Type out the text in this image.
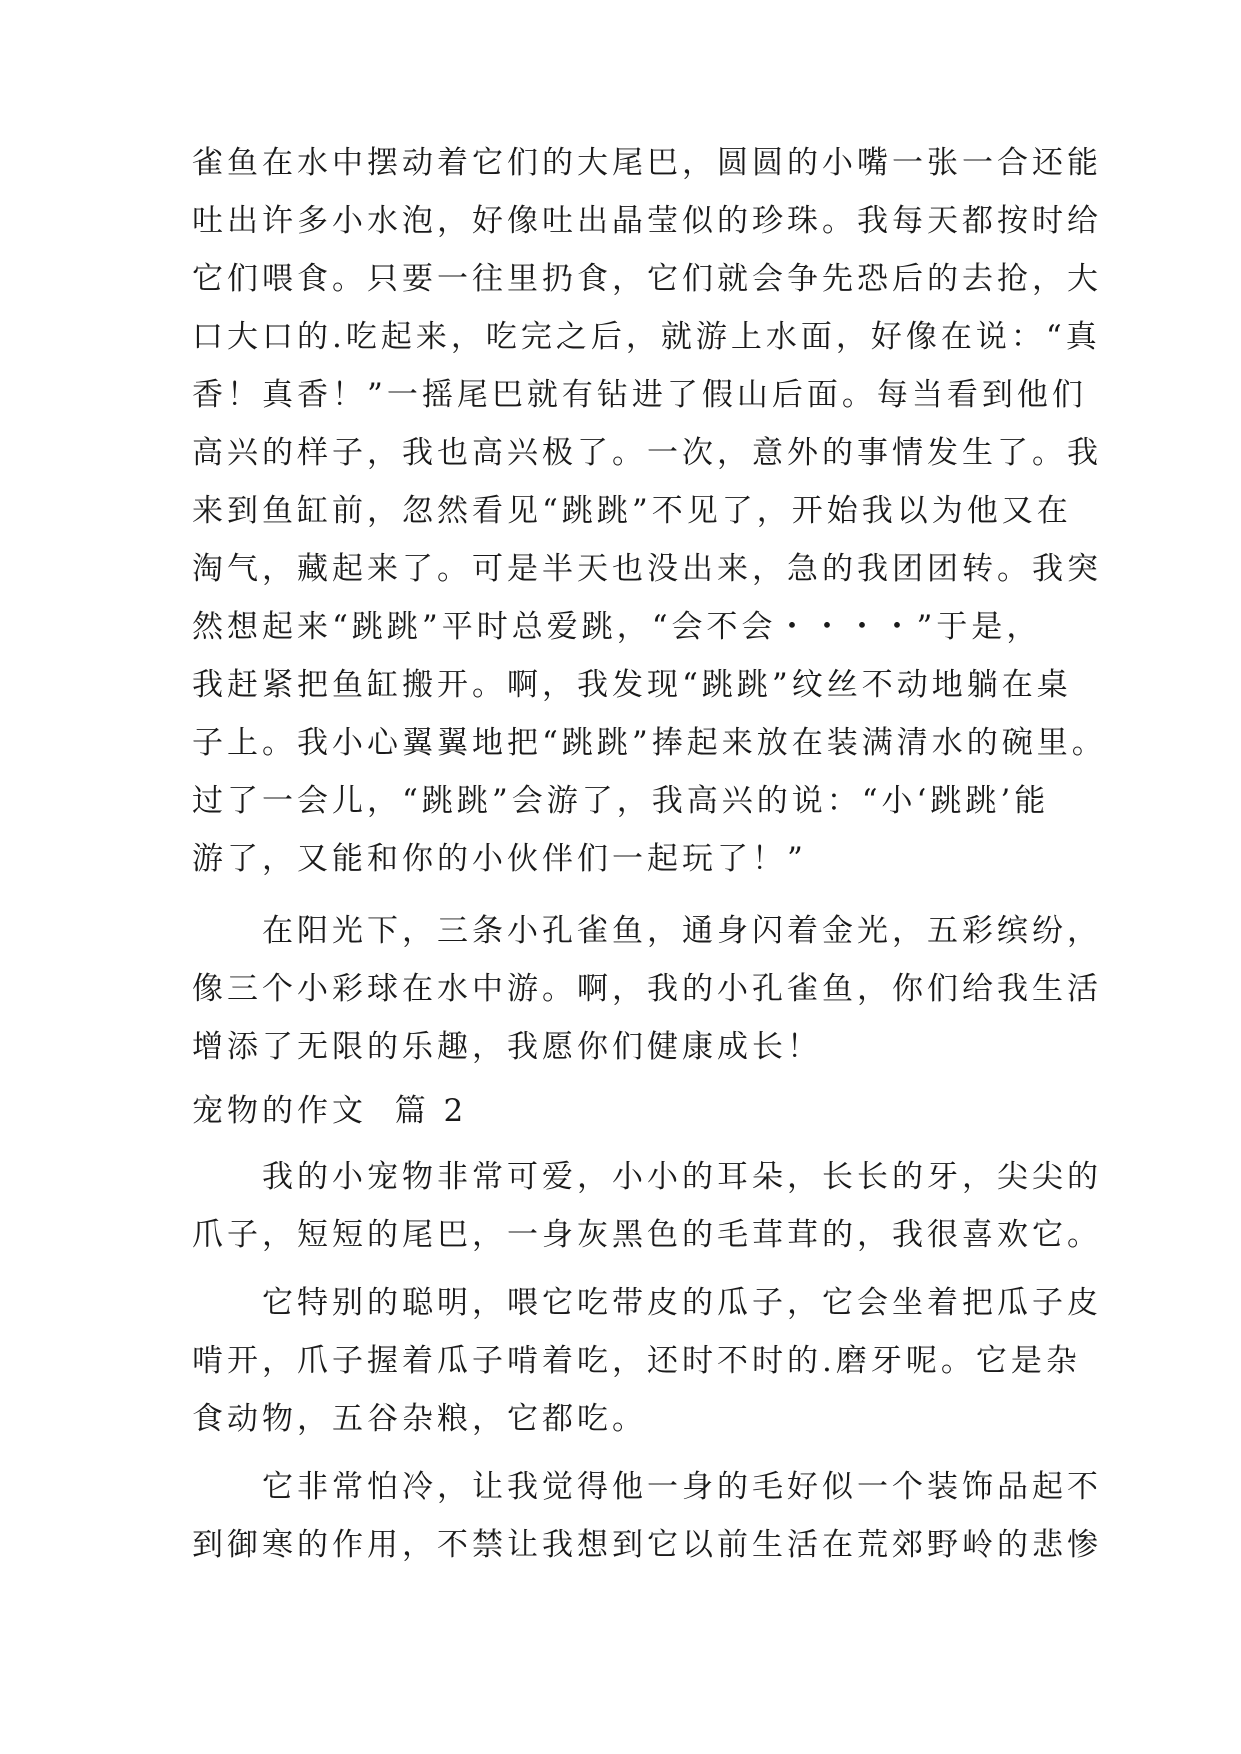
雀鱼在水中摆动着它们的大尾巴，圆圆的小嘴一张一合还能
吐出许多小水泡，好像吐出晶莹似的珍珠。我每天都按时给
它们喂食。只要一往里扔食，它们就会争先恐后的去抢，大
口大口的.吃起来，吃完之后，就游上水面，好像在说：“真
香！真香！”一摇尾巴就有钻进了假山后面。每当看到他们
高兴的样子，我也高兴极了。一次，意外的事情发生了。我
来到鱼缸前，忽然看见“跳跳”不见了，开始我以为他又在
淘气，藏起来了。可是半天也没出来，急的我团团转。我突
然想起来“跳跳”平时总爱跳，“会不会・・・・”于是，
我赶紧把鱼缸搬开。啊，我发现“跳跳”纹丝不动地躺在桌
子上。我小心翼翼地把“跳跳”捧起来放在装满清水的碗里。
过了一会儿，“跳跳”会游了，我高兴的说：“小‘跳跳’能
游了，又能和你的小伙伴们一起玩了！”
　　在阳光下，三条小孔雀鱼，通身闪着金光，五彩缤纷，
像三个小彩球在水中游。啊，我的小孔雀鱼，你们给我生活
增添了无限的乐趣，我愿你们健康成长！
宠物的作文  篇 2
　　我的小宠物非常可爱，小小的耳朵，长长的牙，尖尖的
爪子，短短的尾巴，一身灰黑色的毛茸茸的，我很喜欢它。
　　它特别的聪明，喂它吃带皮的瓜子，它会坐着把瓜子皮
啃开，爪子握着瓜子啃着吃，还时不时的.磨牙呢。它是杂
食动物，五谷杂粮，它都吃。
　　它非常怕冷，让我觉得他一身的毛好似一个装饰品起不
到御寒的作用，不禁让我想到它以前生活在荒郊野岭的悲惨
